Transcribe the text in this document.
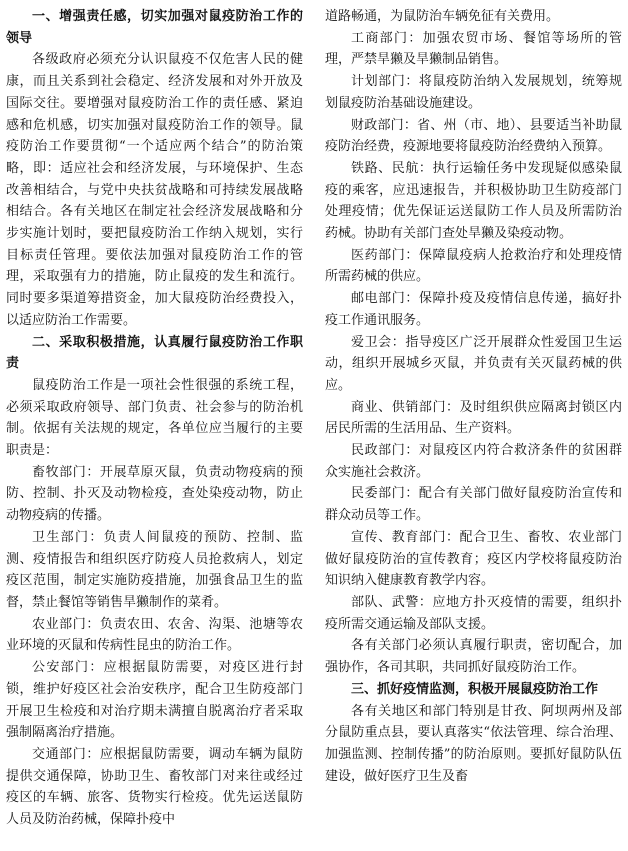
一、增强责任感，切实加强对鼠疫防治工作的领导

各级政府必须充分认识鼠疫不仅危害人民的健康，而且关系到社会稳定、经济发展和对外开放及国际交往。要增强对鼠疫防治工作的责任感、紧迫感和危机感，切实加强对鼠疫防治工作的领导。鼠疫防治工作要贯彻“一个适应两个结合”的防治策略，即：适应社会和经济发展，与环境保护、生态改善相结合，与党中央扶贫战略和可持续发展战略相结合。各有关地区在制定社会经济发展战略和分步实施计划时，要把鼠疫防治工作纳入规划，实行目标责任管理。要依法加强对鼠疫防治工作的管理，采取强有力的措施，防止鼠疫的发生和流行。同时要多渠道筹措资金，加大鼠疫防治经费投入，以适应防治工作需要。

二、采取积极措施，认真履行鼠疫防治工作职责

鼠疫防治工作是一项社会性很强的系统工程，必须采取政府领导、部门负责、社会参与的防治机制。依据有关法规的规定，各单位应当履行的主要职责是：

畜牧部门：开展草原灭鼠，负责动物疫病的预防、控制、扑灭及动物检疫，查处染疫动物，防止动物疫病的传播。

卫生部门：负责人间鼠疫的预防、控制、监测、疫情报告和组织医疗防疫人员抢救病人，划定疫区范围，制定实施防疫措施，加强食品卫生的监督，禁止餐馆等销售旱獭制作的菜肴。

农业部门：负责农田、农舍、沟渠、池塘等农业环境的灭鼠和传病性昆虫的防治工作。

公安部门：应根据鼠防需要，对疫区进行封锁，维护好疫区社会治安秩序，配合卫生防疫部门开展卫生检疫和对治疗期未满擅自脱离治疗者采取强制隔离治疗措施。

交通部门：应根据鼠防需要，调动车辆为鼠防提供交通保障，协助卫生、畜牧部门对来往或经过疫区的车辆、旅客、货物实行检疫。优先运送鼠防人员及防治药械，保障扑疫中

道路畅通，为鼠防治车辆免征有关费用。

工商部门：加强农贸市场、餐馆等场所的管理，严禁旱獭及旱獭制品销售。

计划部门：将鼠疫防治纳入发展规划，统筹规划鼠疫防治基础设施建设。

财政部门：省、州（市、地）、县要适当补助鼠疫防治经费，疫源地要将鼠疫防治经费纳入预算。

铁路、民航：执行运输任务中发现疑似感染鼠疫的乘客，应迅速报告，并积极协助卫生防疫部门处理疫情；优先保证运送鼠防工作人员及所需防治药械。协助有关部门查处旱獭及染疫动物。

医药部门：保障鼠疫病人抢救治疗和处理疫情所需药械的供应。

邮电部门：保障扑疫及疫情信息传递，搞好扑疫工作通讯服务。

爱卫会：指导疫区广泛开展群众性爱国卫生运动，组织开展城乡灭鼠，并负责有关灭鼠药械的供应。

商业、供销部门：及时组织供应隔离封锁区内居民所需的生活用品、生产资料。

民政部门：对鼠疫区内符合救济条件的贫困群众实施社会救济。

民委部门：配合有关部门做好鼠疫防治宣传和群众动员等工作。

宣传、教育部门：配合卫生、畜牧、农业部门做好鼠疫防治的宣传教育；疫区内学校将鼠疫防治知识纳入健康教育教学内容。

部队、武警：应地方扑灭疫情的需要，组织扑疫所需交通运输及部队支援。

各有关部门必须认真履行职责，密切配合，加强协作，各司其职，共同抓好鼠疫防治工作。

三、抓好疫情监测，积极开展鼠疫防治工作

各有关地区和部门特别是甘孜、阿坝两州及部分鼠防重点县，要认真落实“依法管理、综合治理、加强监测、控制传播”的防治原则。要抓好鼠防队伍建设，做好医疗卫生及畜
